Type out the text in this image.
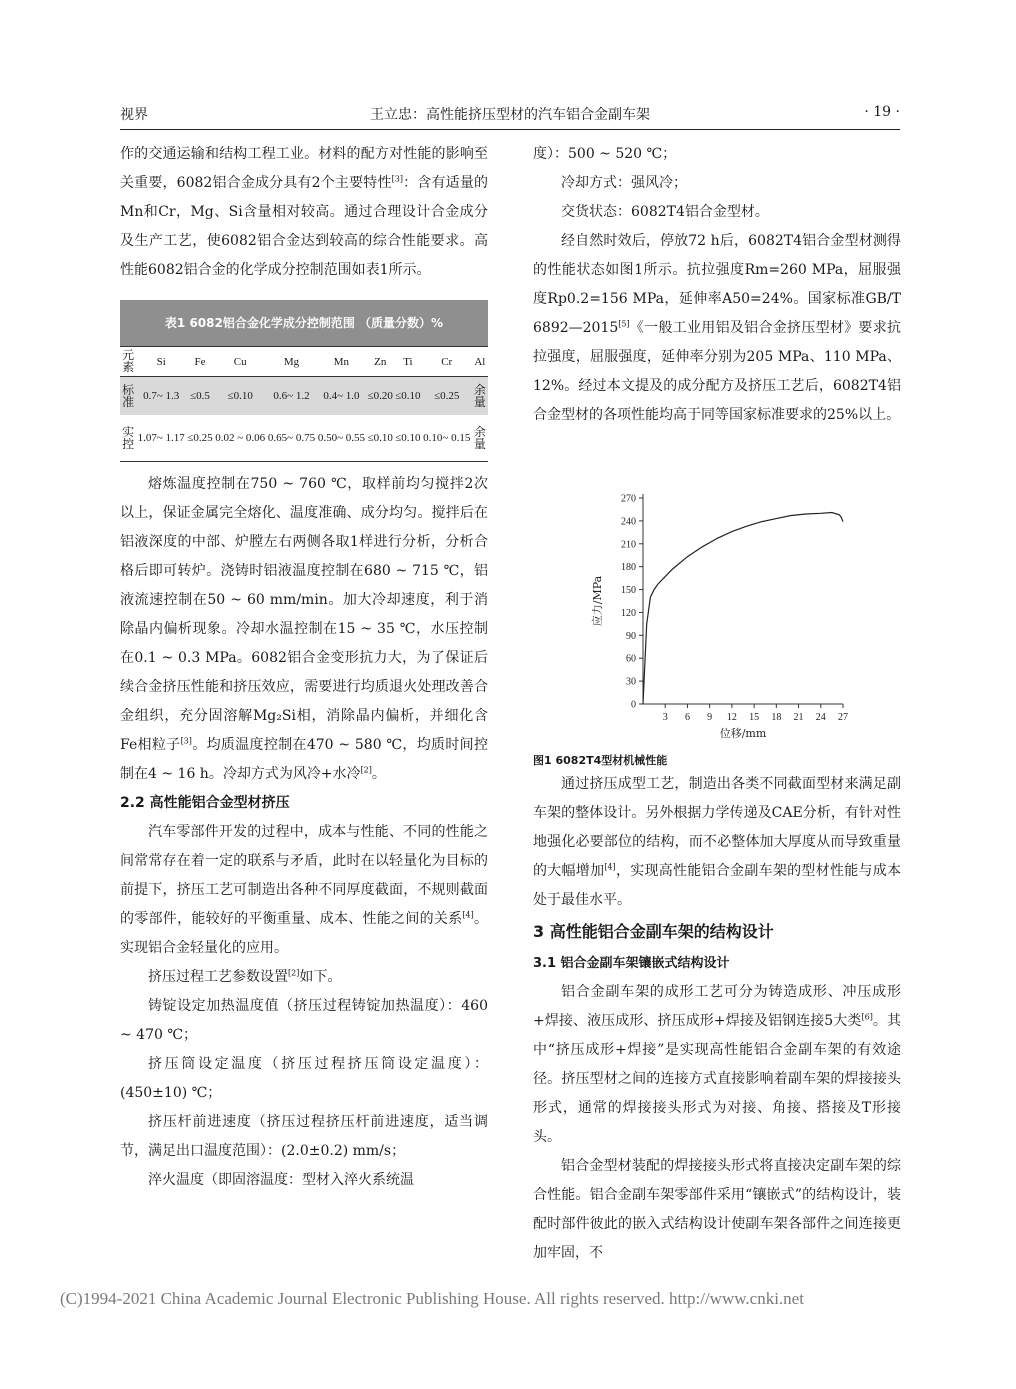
视界	王立忠：高性能挤压型材的汽车铝合金副车架	· 19 ·

作的交通运输和结构工程工业。材料的配方对性能的影响至关重要，6082铝合金成分具有2个主要特性[3]：含有适量的Mn和Cr，Mg、Si含量相对较高。通过合理设计合金成分及生产工艺，使6082铝合金达到较高的综合性能要求。高性能6082铝合金的化学成分控制范围如表1所示。

表1 6082铝合金化学成分控制范围 （质量分数）%
元素	Si	Fe	Cu	Mg	Mn	Zn	Ti	Cr	Al
标准	0.7~ 1.3	≤0.5	≤0.10	0.6~ 1.2	0.4~ 1.0	≤0.20	≤0.10	≤0.25	余量
实控	1.07~ 1.17	≤0.25	0.02 ~ 0.06	0.65~ 0.75	0.50~ 0.55	≤0.10	≤0.10	0.10~ 0.15	余量

熔炼温度控制在750 ~ 760 ℃，取样前均匀搅拌2次以上，保证金属完全熔化、温度准确、成分均匀。搅拌后在铝液深度的中部、炉膛左右两侧各取1样进行分析，分析合格后即可转炉。浇铸时铝液温度控制在680 ~ 715 ℃，铝液流速控制在50 ~ 60 mm/min。加大冷却速度，利于消除晶内偏析现象。冷却水温控制在15 ~ 35 ℃，水压控制在0.1 ~ 0.3 MPa。6082铝合金变形抗力大，为了保证后续合金挤压性能和挤压效应，需要进行均质退火处理改善合金组织，充分固溶解Mg₂Si相，消除晶内偏析，并细化含Fe相粒子[3]。均质温度控制在470 ~ 580 ℃，均质时间控制在4 ~ 16 h。冷却方式为风冷+水冷[2]。

2.2 高性能铝合金型材挤压

汽车零部件开发的过程中，成本与性能、不同的性能之间常常存在着一定的联系与矛盾，此时在以轻量化为目标的前提下，挤压工艺可制造出各种不同厚度截面，不规则截面的零部件，能较好的平衡重量、成本、性能之间的关系[4]。实现铝合金轻量化的应用。

挤压过程工艺参数设置[2]如下。

铸锭设定加热温度值（挤压过程铸锭加热温度）：460 ~ 470 ℃；

挤压筒设定温度（挤压过程挤压筒设定温度）：(450±10) ℃；

挤压杆前进速度（挤压过程挤压杆前进速度，适当调节，满足出口温度范围）：(2.0±0.2) mm/s；

淬火温度（即固溶温度：型材入淬火系统温

度）：500 ~ 520 ℃；

冷却方式：强风冷；

交货状态：6082T4铝合金型材。

经自然时效后，停放72 h后，6082T4铝合金型材测得的性能状态如图1所示。抗拉强度Rm=260 MPa，屈服强度Rp0.2=156 MPa，延伸率A50=24%。国家标准GB/T 6892—2015[5]《一般工业用铝及铝合金挤压型材》要求抗拉强度，屈服强度，延伸率分别为205 MPa、110 MPa、12%。经过本文提及的成分配方及挤压工艺后，6082T4铝合金型材的各项性能均高于同等国家标准要求的25%以上。

0
30
60
90
120
150
180
210
240
270
3 6 9 12 15 18 21 24 27
位移/mm
应力/MPa

图1 6082T4型材机械性能

通过挤压成型工艺，制造出各类不同截面型材来满足副车架的整体设计。另外根据力学传递及CAE分析，有针对性地强化必要部位的结构，而不必整体加大厚度从而导致重量的大幅增加[4]，实现高性能铝合金副车架的型材性能与成本处于最佳水平。

3 高性能铝合金副车架的结构设计

3.1 铝合金副车架镶嵌式结构设计

铝合金副车架的成形工艺可分为铸造成形、冲压成形+焊接、液压成形、挤压成形+焊接及铝钢连接5大类[6]。其中“挤压成形+焊接”是实现高性能铝合金副车架的有效途径。挤压型材之间的连接方式直接影响着副车架的焊接接头形式，通常的焊接接头形式为对接、角接、搭接及T形接头。

铝合金型材装配的焊接接头形式将直接决定副车架的综合性能。铝合金副车架零部件采用“镶嵌式”的结构设计，装配时部件彼此的嵌入式结构设计使副车架各部件之间连接更加牢固，不

(C)1994-2021 China Academic Journal Electronic Publishing House. All rights reserved. http://www.cnki.net
